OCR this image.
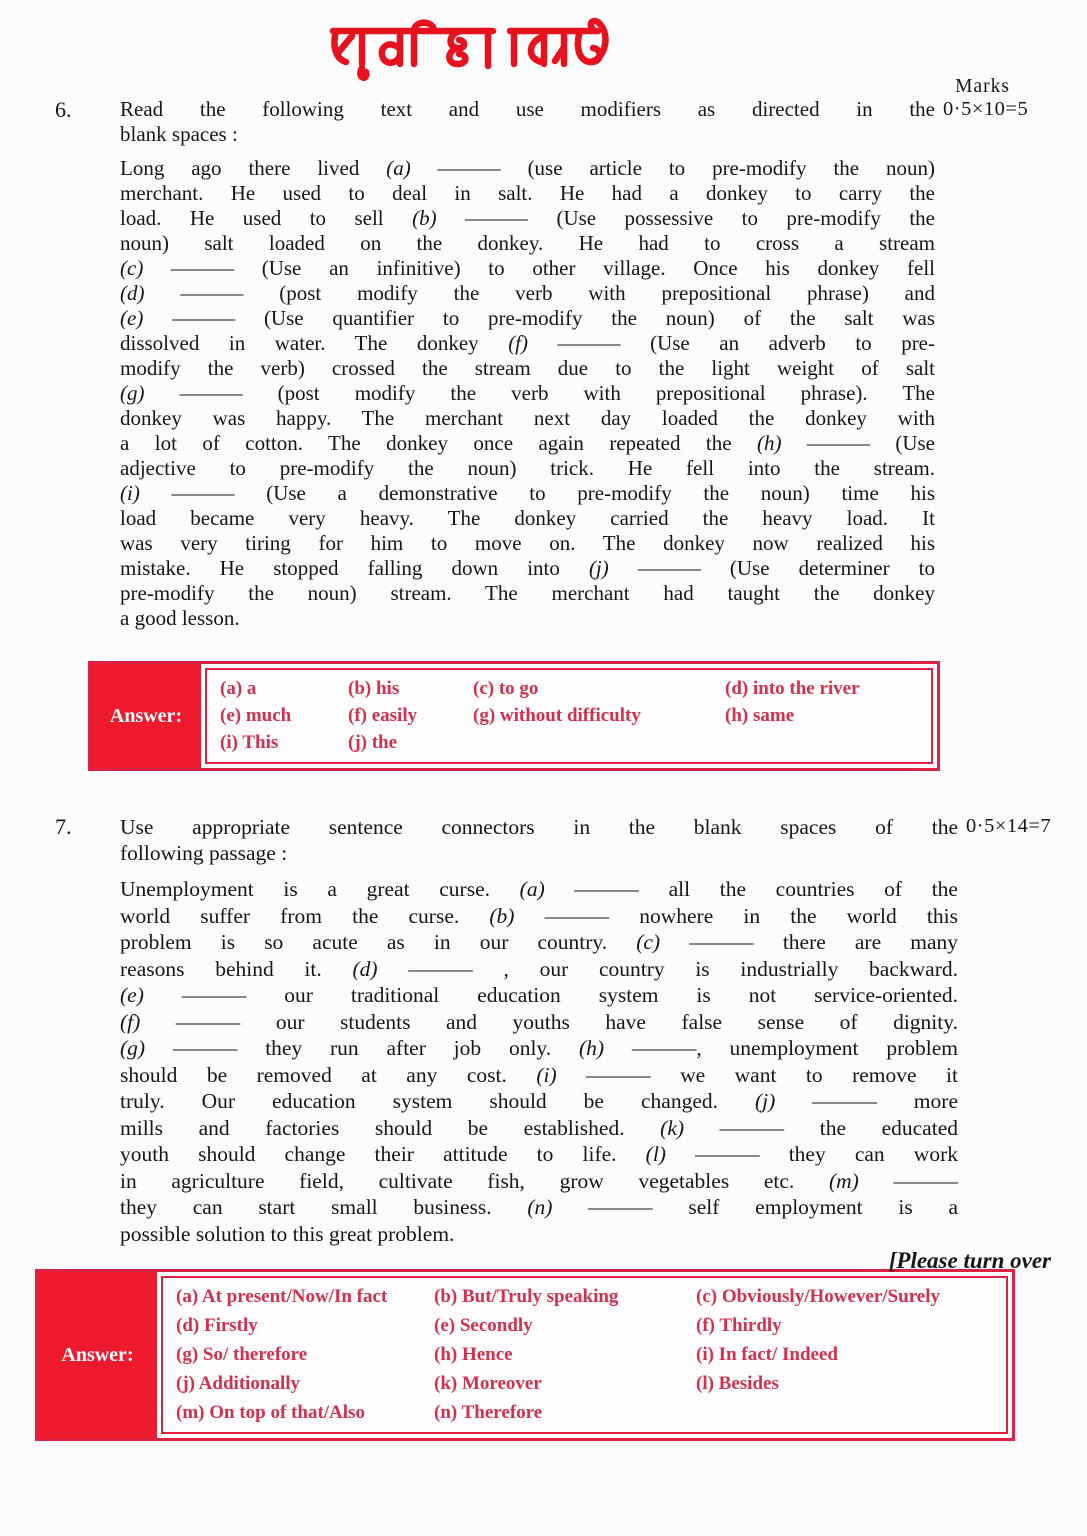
Marks
6.	Read the following text and use modifiers as directed in the
blank spaces :
0·5×10=5
Long ago there lived (a) ——— (use article to pre-modify the noun)
merchant. He used to deal in salt. He had a donkey to carry the
load. He used to sell (b) ——— (Use possessive to pre-modify the
noun) salt loaded on the donkey. He had to cross a stream
(c) ——— (Use an infinitive) to other village. Once his donkey fell
(d) ——— (post modify the verb with prepositional phrase) and
(e) ——— (Use quantifier to pre-modify the noun) of the salt was
dissolved in water. The donkey (f) ——— (Use an adverb to pre-
modify the verb) crossed the stream due to the light weight of salt
(g) ——— (post modify the verb with prepositional phrase). The
donkey was happy. The merchant next day loaded the donkey with
a lot of cotton. The donkey once again repeated the (h) ——— (Use
adjective to pre-modify the noun) trick. He fell into the stream.
(i) ——— (Use a demonstrative to pre-modify the noun) time his
load became very heavy. The donkey carried the heavy load. It
was very tiring for him to move on. The donkey now realized his
mistake. He stopped falling down into (j) ——— (Use determiner to
pre-modify the noun) stream. The merchant had taught the donkey
a good lesson.
Answer:
(a) a	(b) his	(c) to go	(d) into the river
(e) much	(f) easily	(g) without difficulty	(h) same
(i) This	(j) the
7.	Use appropriate sentence connectors in the blank spaces of the
following passage :
0·5×14=7
Unemployment is a great curse. (a) ——— all the countries of the
world suffer from the curse. (b) ——— nowhere in the world this
problem is so acute as in our country. (c) ——— there are many
reasons behind it. (d) ——— , our country is industrially backward.
(e) ——— our traditional education system is not service-oriented.
(f) ——— our students and youths have false sense of dignity.
(g) ——— they run after job only. (h) ———, unemployment problem
should be removed at any cost. (i) ——— we want to remove it
truly. Our education system should be changed. (j) ——— more
mills and factories should be established. (k) ——— the educated
youth should change their attitude to life. (l) ——— they can work
in agriculture field, cultivate fish, grow vegetables etc. (m) ———
they can start small business. (n) ——— self employment is a
possible solution to this great problem.
[Please turn over
Answer:
(a) At present/Now/In fact	(b) But/Truly speaking	(c) Obviously/However/Surely
(d) Firstly	(e) Secondly	(f) Thirdly
(g) So/ therefore	(h) Hence	(i) In fact/ Indeed
(j) Additionally	(k) Moreover	(l) Besides
(m) On top of that/Also	(n) Therefore
